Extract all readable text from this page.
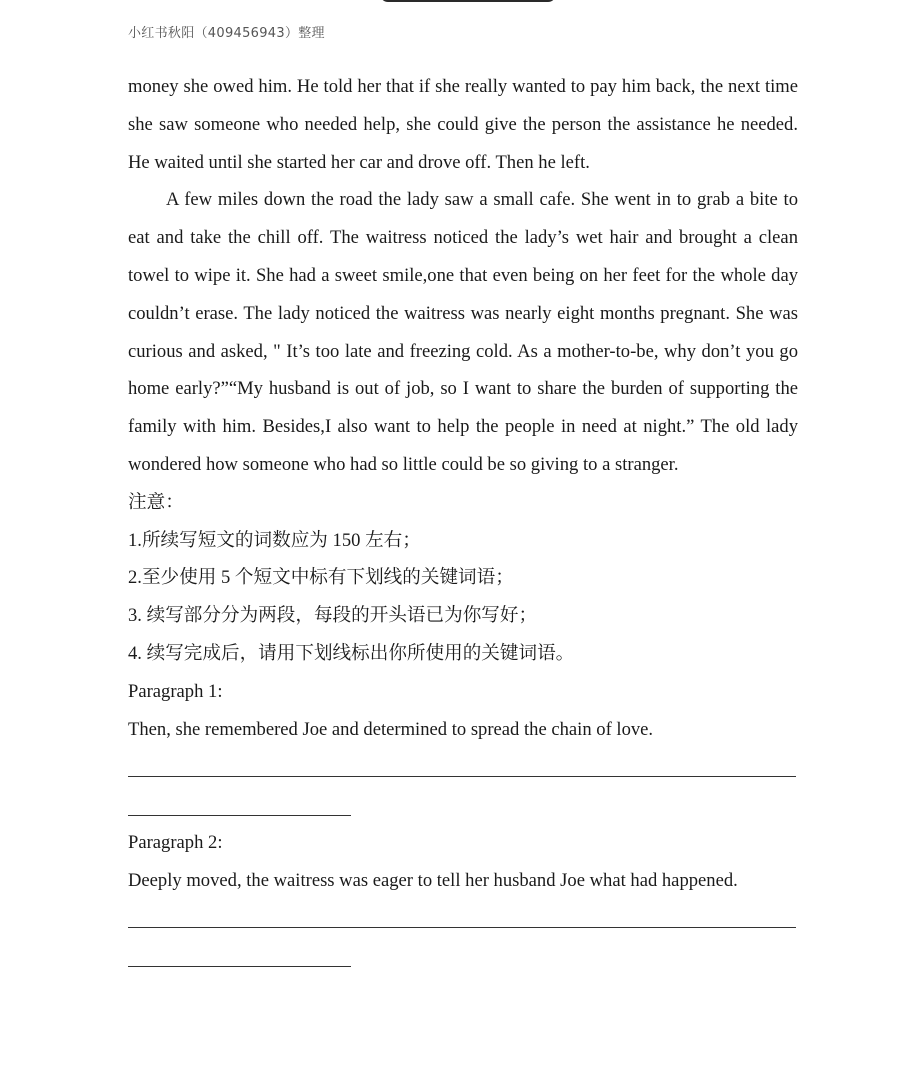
小红书秋阳（409456943）整理

money she owed him. He told her that if she really wanted to pay him back, the next time she saw someone who needed help, she could give the person the assistance he needed. He waited until she started her car and drove off. Then he left.

A few miles down the road the lady saw a small cafe. She went in to grab a bite to eat and take the chill off. The waitress noticed the lady’s wet hair and brought a clean towel to wipe it. She had a sweet smile,one that even being on her feet for the whole day couldn’t erase. The lady noticed the waitress was nearly eight months pregnant. She was curious and asked, " It’s too late and freezing cold. As a mother-to-be, why don’t you go home early?”“My husband is out of job, so I want to share the burden of supporting the family with him. Besides,I also want to help the people in need at night.” The old lady wondered how someone who had so little could be so giving to a stranger.

注意：

1.所续写短文的词数应为 150 左右；

2.至少使用 5 个短文中标有下划线的关键词语；

3. 续写部分分为两段，每段的开头语已为你写好；

4. 续写完成后，请用下划线标出你所使用的关键词语。

Paragraph 1:

Then, she remembered Joe and determined to spread the chain of love.

Paragraph 2:

Deeply moved, the waitress was eager to tell her husband Joe what had happened.
